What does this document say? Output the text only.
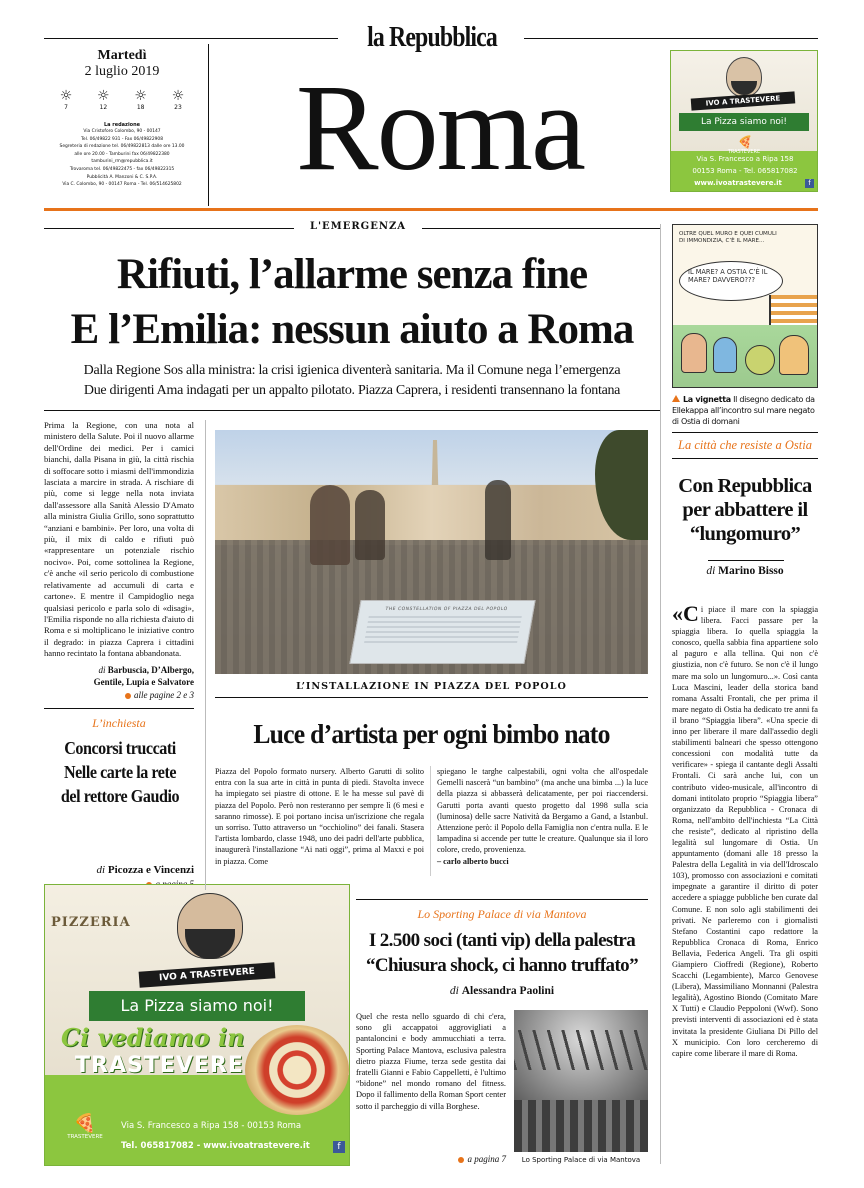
la Repubblica
Roma
Martedì
2 luglio 2019
☼
7
☼
12
☼
18
☼
23
La redazione
Via Cristoforo Colombo, 90 - 00147
Tel. 06/49822 931 - Fax 06/49822908
Segreteria di redazione tel. 06/49822813 dalle ore 13.00
alle ore 20.00 - Tamburini fax 06/49822380
tamburini_rm@repubblica.it
Trovaroma tel. 06/49822475 - fax 06/49822315
Pubblicità A. Manzoni & C. S.P.A.
Via C. Colombo, 90 - 00147 Roma - Tel. 06/514625802
IVO A TRASTEVERE
La Pizza siamo noi!
🍕
TRASTEVERE
Via S. Francesco a Ripa 158
00153 Roma - Tel. 065817082
www.ivoatrastevere.it	f
L'EMERGENZA
Rifiuti, l’allarme senza fine
E l’Emilia: nessun aiuto a Roma
Dalla Regione Sos alla ministra: la crisi igienica diventerà sanitaria. Ma il Comune nega l’emergenza
Due dirigenti Ama indagati per un appalto pilotato. Piazza Caprera, i residenti transennano la fontana

Prima la Regione, con una nota al ministero della Salute. Poi il nuovo allarme dell'Ordine dei medici. Per i camici bianchi, dalla Pisana in giù, la città rischia di soffocare sotto i miasmi dell'immondizia lasciata a marcire in strada. A rischiare di più, come si legge nella nota inviata dall'assessore alla Sanità Alessio D'Amato alla ministra Giulia Grillo, sono soprattutto “anziani e bambini». Per loro, una volta di più, il mix di caldo e rifiuti può «rappresentare un potenziale rischio nocivo». Poi, come sottolinea la Regione, c'è anche «il serio pericolo di combustione relativamente ad accumuli di carta e cartone». E mentre il Campidoglio nega qualsiasi pericolo e parla solo di «disagi», l'Emilia risponde no alla richiesta d'aiuto di Roma e si moltiplicano le iniziative contro il degrado: in piazza Caprera i cittadini hanno recintato la fontana abbandonata.

di Barbuscia, D’Albergo,
Gentile, Lupia e Salvatore
alle pagine 2 e 3
L’inchiesta
Concorsi truccati Nelle carte la rete del rettore Gaudio
di Picozza e Vincenzi
THE CONSTELLATION OF PIAZZA DEL POPOLO
L’INSTALLAZIONE IN PIAZZA DEL POPOLO
Luce d’artista per ogni bimbo nato

Piazza del Popolo formato nursery. Alberto Garutti di solito entra con la sua arte in città in punta di piedi. Stavolta invece ha impiegato sei piastre di ottone. E le ha messe sul pavè di piazza del Popolo. Però non resteranno per sempre lì (6 mesi e saranno rimosse). E poi portano incisa un'iscrizione che regala un sorriso. Tutto attraverso un “occhiolino” dei fanali. Stasera l'artista lombardo, classe 1948, uno dei padri dell'arte pubblica, inaugurerà l'installazione “Ai nati oggi”, prima al Maxxi e poi in piazza. Come

spiegano le targhe calpestabili, ogni volta che all'ospedale Gemelli nascerà “un bambino” (ma anche una bimba ...) la luce della piazza si abbasserà delicatamente, per poi riaccendersi. Garutti porta avanti questo progetto dal 1998 sulla scia (luminosa) delle sacre Natività da Bergamo a Gand, a Istanbul. Attenzione però: il Popolo della Famiglia non c'entra nulla. E le lampadina si accende per tutte le creature. Qualunque sia il loro colore, credo, provenienza.

– carlo alberto bucci

Lo Sporting Palace di via Mantova
I 2.500 soci (tanti vip) della palestra “Chiusura shock, ci hanno truffato”
di Alessandra Paolini

Quel che resta nello sguardo di chi c'era, sono gli accappatoi aggrovigliati a pantaloncini e body ammucchiati a terra. Sporting Palace Mantova, esclusiva palestra dietro piazza Fiume, terza sede gestita dai fratelli Gianni e Fabio Cappelletti, è l'ultimo “bidone” nel mondo romano del fitness. Dopo il fallimento della Roman Sport center sotto il parcheggio di villa Borghese.

a pagina 7	Lo Sporting Palace di via Mantova
PIZZERIA
IVO A TRASTEVERE
La Pizza siamo noi!
Ci vediamo in
TRASTEVERE
🍕
TRASTEVERE
Via S. Francesco a Ripa 158 - 00153 Roma
Tel. 065817082 - www.ivoatrastevere.it	f
OLTRE QUEL MURO E QUEI CUMULI DI IMMONDIZIA, C’È IL MARE...
IL MARE? A OSTIA C’È IL MARE? DAVVERO???
La vignetta Il disegno dedicato da Ellekappa all’incontro sul mare negato di Ostia di domani
La città che resiste a Ostia
Con Repubblica per abbattere il “lungomuro”
di Marino Bisso

«Ci piace il mare con la spiaggia libera. Facci passare per la spiaggia libera. Io quella spiaggia la conosco, quella sabbia fina appartiene solo al paguro e alla tellina. Qui non c'è giustizia, non c'è futuro. Se non c'è il lungo mare ma solo un lungomuro...». Così canta Luca Mascini, leader della storica band romana Assalti Frontali, che per prima il mare negato di Ostia ha dedicato tre anni fa il brano “Spiaggia libera”. «Una specie di inno per liberare il mare dall'assedio degli stabilimenti balneari che spesso ottengono concessioni con modalità tutte da verificare» - spiega il cantante degli Assalti Frontali. Ci sarà anche lui, con un contributo video-musicale, all'incontro di domani intitolato proprio “Spiaggia libera” organizzato da Repubblica - Cronaca di Roma, nell'ambito dell'inchiesta “La Città che resiste”, dedicato al ripristino della legalità sul lungomare di Ostia. Un appuntamento (domani alle 18 presso la Palestra della Legalità in via dell'Idroscalo 103), promosso con associazioni e comitati impegnate a garantire il diritto di poter accedere a spiagge pubbliche ben curate dal Comune. E non solo agli stabilimenti dei privati. Ne parleremo con i giornalisti Stefano Costantini capo redattore la Repubblica Cronaca di Roma, Enrico Bellavia, Federica Angeli. Tra gli ospiti Giampiero Cioffredi (Regione), Roberto Scacchi (Legambiente), Marco Genovese (Libera), Massimiliano Monnanni (Palestra legalità), Agostino Biondo (Comitato Mare X Tutti) e Claudio Peppoloni (Wwf). Sono previsti interventi di associazioni ed è stata invitata la presidente Giuliana Di Pillo del X municipio. Con loro cercheremo di capire come liberare il mare di Roma.
